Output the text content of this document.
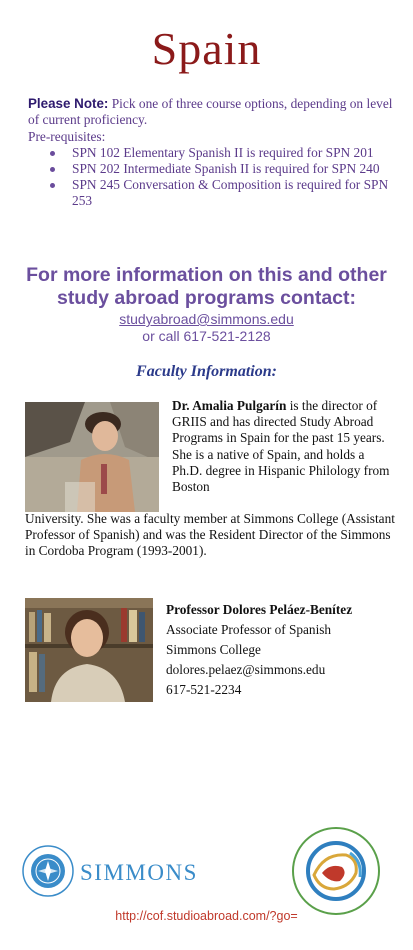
Spain
Please Note: Pick one of three course options, depending on level of current proficiency.
Pre-requisites:
SPN 102 Elementary Spanish II is required for SPN 201
SPN 202 Intermediate Spanish II is required for SPN 240
SPN 245 Conversation & Composition is required for SPN 253
For more information on this and other
study abroad programs contact:
studyabroad@simmons.edu
or call 617-521-2128
Faculty Information:
Dr. Amalia Pulgarín is the director of GRIIS and has directed Study Abroad Programs in Spain for the past 15 years. She is a native of Spain, and holds a Ph.D. degree in Hispanic Philology from Boston
University. She was a faculty member at Simmons College (Assistant Professor of Spanish) and was the Resident Director of the Simmons in Cordoba Program (1993-2001).
Professor Dolores Peláez-Benítez
Associate Professor of Spanish
Simmons College
dolores.pelaez@simmons.edu
617-521-2234
SIMMONS
http://cof.studioabroad.com/?go=
